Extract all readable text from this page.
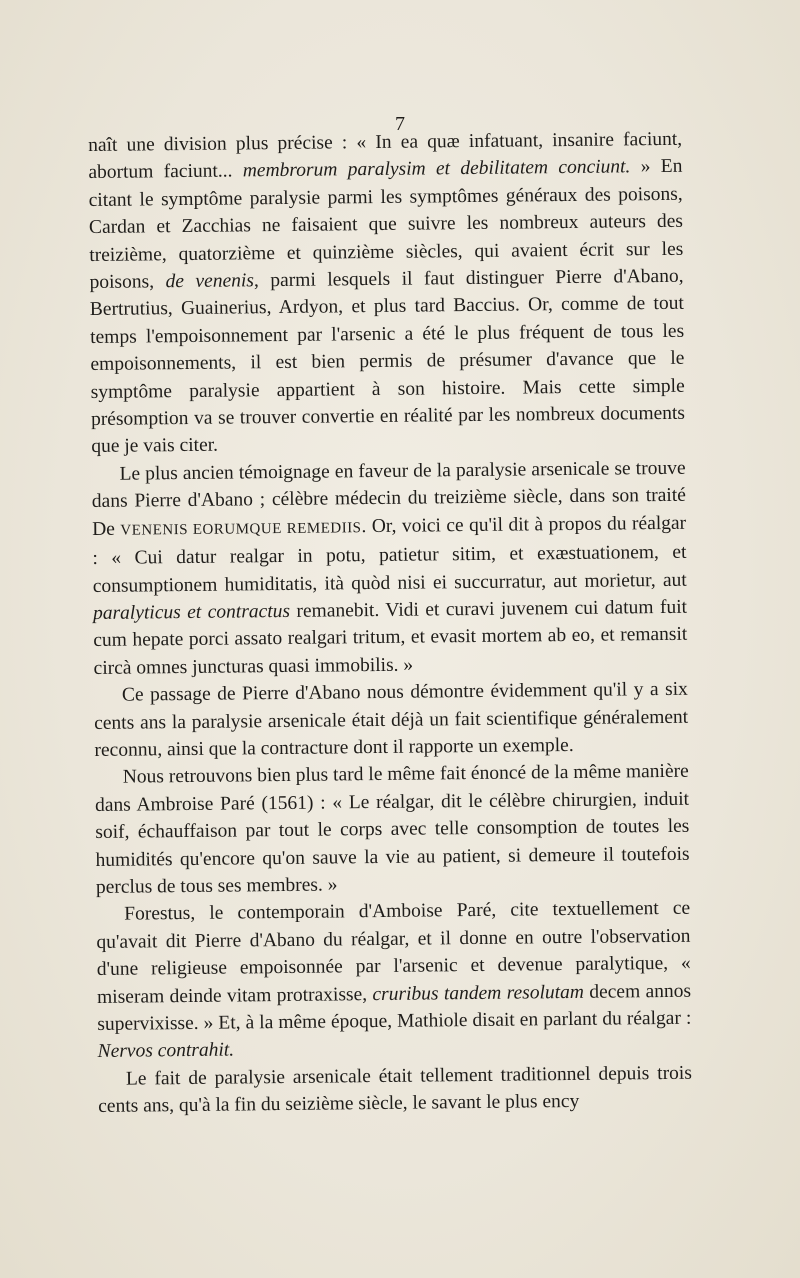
7

naît une division plus précise : « In ea quæ infatuant, insanire faciunt, abortum faciunt... membrorum paralysim et debilitatem conciunt. » En citant le symptôme paralysie parmi les symptômes généraux des poisons, Cardan et Zacchias ne faisaient que suivre les nombreux auteurs des treizième, quatorzième et quinzième siècles, qui avaient écrit sur les poisons, de venenis, parmi lesquels il faut distinguer Pierre d'Abano, Bertrutius, Guainerius, Ardyon, et plus tard Baccius. Or, comme de tout temps l'empoisonnement par l'arsenic a été le plus fréquent de tous les empoisonnements, il est bien permis de présumer d'avance que le symptôme paralysie appartient à son histoire. Mais cette simple présomption va se trouver convertie en réalité par les nombreux documents que je vais citer.

Le plus ancien témoignage en faveur de la paralysie arsenicale se trouve dans Pierre d'Abano ; célèbre médecin du treizième siècle, dans son traité De VENENIS EORUMQUE REMEDIIS. Or, voici ce qu'il dit à propos du réalgar : « Cui datur realgar in potu, patietur sitim, et exæstuationem, et consumptionem humiditatis, ità quòd nisi ei succurratur, aut morietur, aut paralyticus et contractus remanebit. Vidi et curavi juvenem cui datum fuit cum hepate porci assato realgari tritum, et evasit mortem ab eo, et remansit circà omnes juncturas quasi immobilis. »

Ce passage de Pierre d'Abano nous démontre évidemment qu'il y a six cents ans la paralysie arsenicale était déjà un fait scientifique généralement reconnu, ainsi que la contracture dont il rapporte un exemple.

Nous retrouvons bien plus tard le même fait énoncé de la même manière dans Ambroise Paré (1561) : « Le réalgar, dit le célèbre chirurgien, induit soif, échauffaison par tout le corps avec telle consomption de toutes les humidités qu'encore qu'on sauve la vie au patient, si demeure il toutefois perclus de tous ses membres. »

Forestus, le contemporain d'Amboise Paré, cite textuellement ce qu'avait dit Pierre d'Abano du réalgar, et il donne en outre l'observation d'une religieuse empoisonnée par l'arsenic et devenue paralytique, « miseram deinde vitam protraxisse, cruribus tandem resolutam decem annos supervixisse. » Et, à la même époque, Mathiole disait en parlant du réalgar : Nervos contrahit.

Le fait de paralysie arsenicale était tellement traditionnel depuis trois cents ans, qu'à la fin du seizième siècle, le savant le plus ency
